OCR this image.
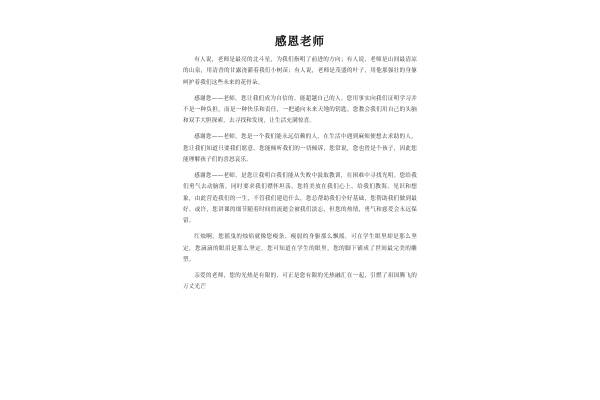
感恩老师

有人说，老师是最亮的北斗星，为我们指明了前进的方向；有人说，老师是山间最清凉的山泉，用清香的甘露浇灌着我们小树苗；有人说，老师是茂盛的叶子，用他那强壮的身躯呵护着我们这些未来的花骨朵。

感谢您——老师，您让我们成为自信的、能超越自己的人。您用事实向我们证明学习并不是一种负担，而是一种快乐和责任，一把通向未来天地的钥匙。您教会我们用自己的头脑和双手大胆探索，去寻找和发现，让生活充满惊喜。

感谢您——老师，您是一个我们能永远信赖的人，在生活中遇到麻烦便想去求助的人，您让我们知道只要我们愿意，您能倾听我们的一切倾诉，您常说，您也曾是个孩子，因此您能理解孩子们的喜怒哀乐。

感谢您——老师，是您让我明白我们能从失败中汲取教训，在困难中寻找光明。您给我们勇气去动脑筋，同时要求我们襟怀坦荡。您将美放在我们心上，给我们教海、见识和想象，由此营造我们的一生，不管我们建造什么，您总帮助我们全好基础，您帮助我们做到最好。或许，您讲课的细节随着时间的流逝会被我们淡忘，但您的热情，勇气和慈爱会永远保留。

红烛啊，您摇曳的烛焰就像您瘦条、瘦弱的身躯那么飘摇，可在学生眼里却是那么坚定，您滴滴的眼泪是那么坚定，您可知道在学生的眼里，您的脚下铺成了世间最完美的雕塑。

亲爱的老师，您的光热是有限的，可正是您有限的光热融汇在一起，引燃了祖国腾飞的万丈光芒
